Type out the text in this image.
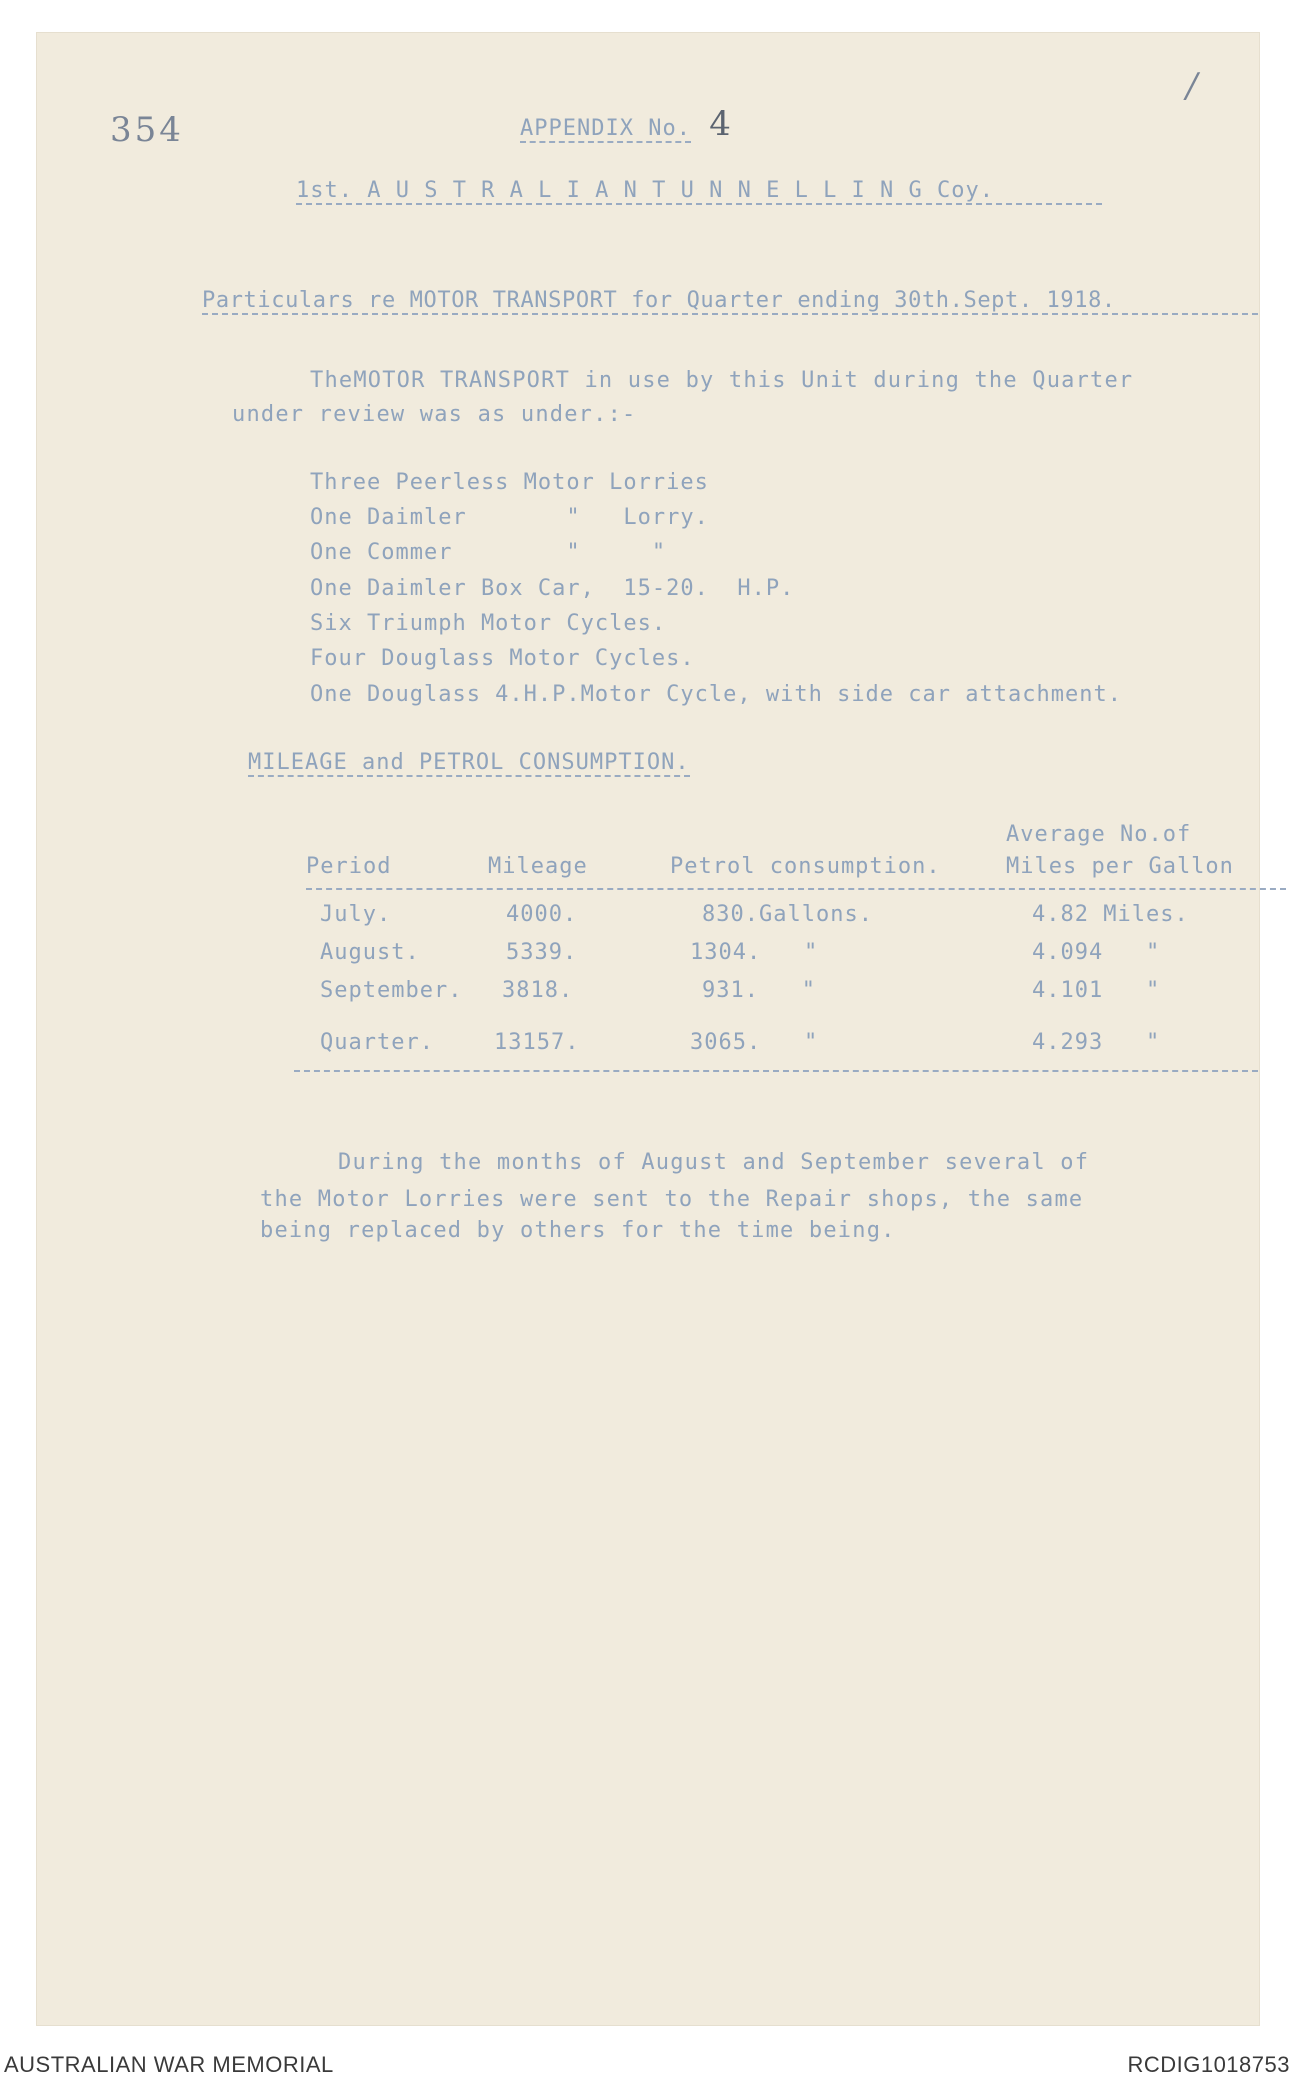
354
/
APPENDIX No. 4
1st. A U S T R A L I A N T U N N E L L I N G Coy.
Particulars re MOTOR TRANSPORT for Quarter ending 30th.Sept. 1918.
TheMOTOR TRANSPORT in use by this Unit during the Quarter
under review was as under.:-
Three Peerless Motor Lorries
One Daimler       "   Lorry.
One Commer        "     "
One Daimler Box Car,  15-20.  H.P.
Six Triumph Motor Cycles.
Four Douglass Motor Cycles.
One Douglass 4.H.P.Motor Cycle, with side car attachment.
MILEAGE and PETROL CONSUMPTION.
Average No.of
Period	Mileage	Petrol consumption.	Miles per Gallon
July.	4000.	830.Gallons.	4.82 Miles.
August.	5339.	1304.   "	4.094   "
September. 3818.	931.   "	4.101   "
Quarter.	13157.	3065.   "	4.293   "
During the months of August and September several of
the Motor Lorries were sent to the Repair shops, the same
being replaced by others for the time being.
AUSTRALIAN WAR MEMORIAL	RCDIG1018753
